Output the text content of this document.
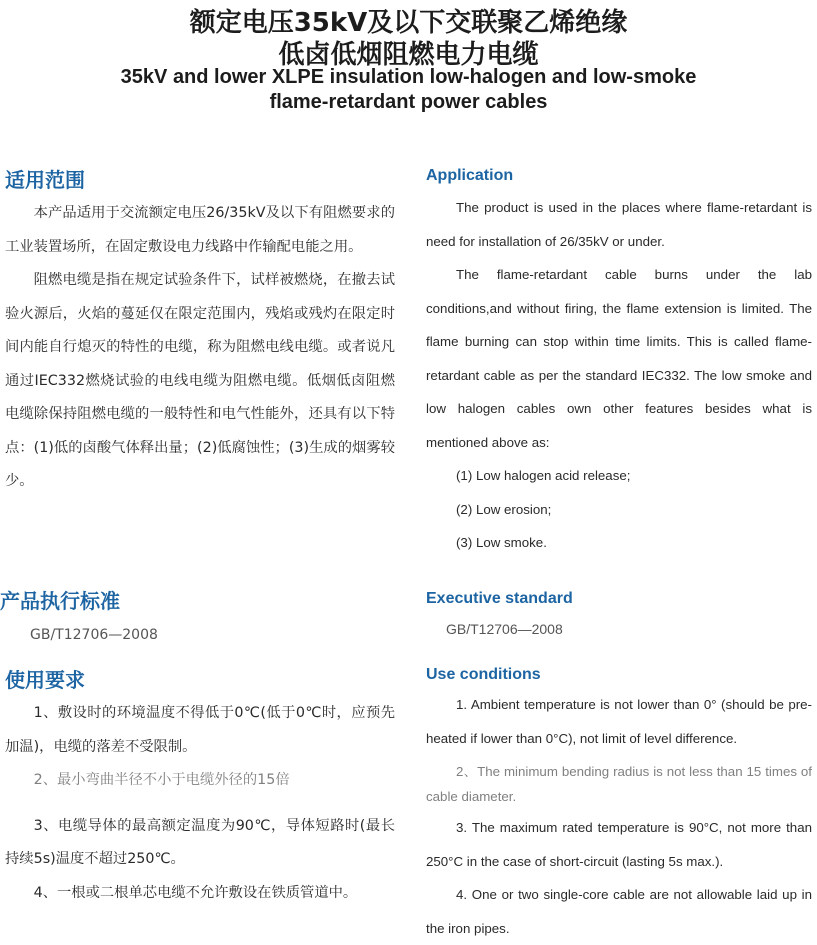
额定电压35kV及以下交联聚乙烯绝缘
低卤低烟阻燃电力电缆
35kV and lower XLPE insulation low-halogen and low-smoke
flame-retardant power cables
适用范围

本产品适用于交流额定电压26/35kV及以下有阻燃要求的工业装置场所，在固定敷设电力线路中作输配电能之用。

阻燃电缆是指在规定试验条件下，试样被燃烧，在撤去试验火源后，火焰的蔓延仅在限定范围内，残焰或残灼在限定时间内能自行熄灭的特性的电缆，称为阻燃电线电缆。或者说凡通过IEC332燃烧试验的电线电缆为阻燃电缆。低烟低卤阻燃电缆除保持阻燃电缆的一般特性和电气性能外，还具有以下特点：(1)低的卤酸气体释出量；(2)低腐蚀性；(3)生成的烟雾较少。

Application

The product is used in the places where flame-retardant is need for installation of 26/35kV or under.

The flame-retardant cable burns under the lab conditions,and without firing, the flame extension is limited. The flame burning can stop within time limits. This is called flame-retardant cable as per the standard IEC332. The low smoke and low halogen cables own other features besides what is mentioned above as:

(1) Low halogen acid release;

(2) Low erosion;

(3) Low smoke.

产品执行标准

GB/T12706—2008

Executive standard

GB/T12706—2008

使用要求

1、敷设时的环境温度不得低于0℃(低于0℃时，应预先加温)，电缆的落差不受限制。

2、最小弯曲半径不小于电缆外径的15倍

3、电缆导体的最高额定温度为90℃，导体短路时(最长持续5s)温度不超过250℃。

4、一根或二根单芯电缆不允许敷设在铁质管道中。

Use conditions

1. Ambient temperature is not lower than 0° (should be pre-heated if lower than 0°C), not limit of level difference.

2、The minimum bending radius is not less than 15 times of cable diameter.

3. The maximum rated temperature is 90°C, not more than 250°C in the case of short-circuit (lasting 5s max.).

4. One or two single-core cable are not allowable laid up in the iron pipes.
